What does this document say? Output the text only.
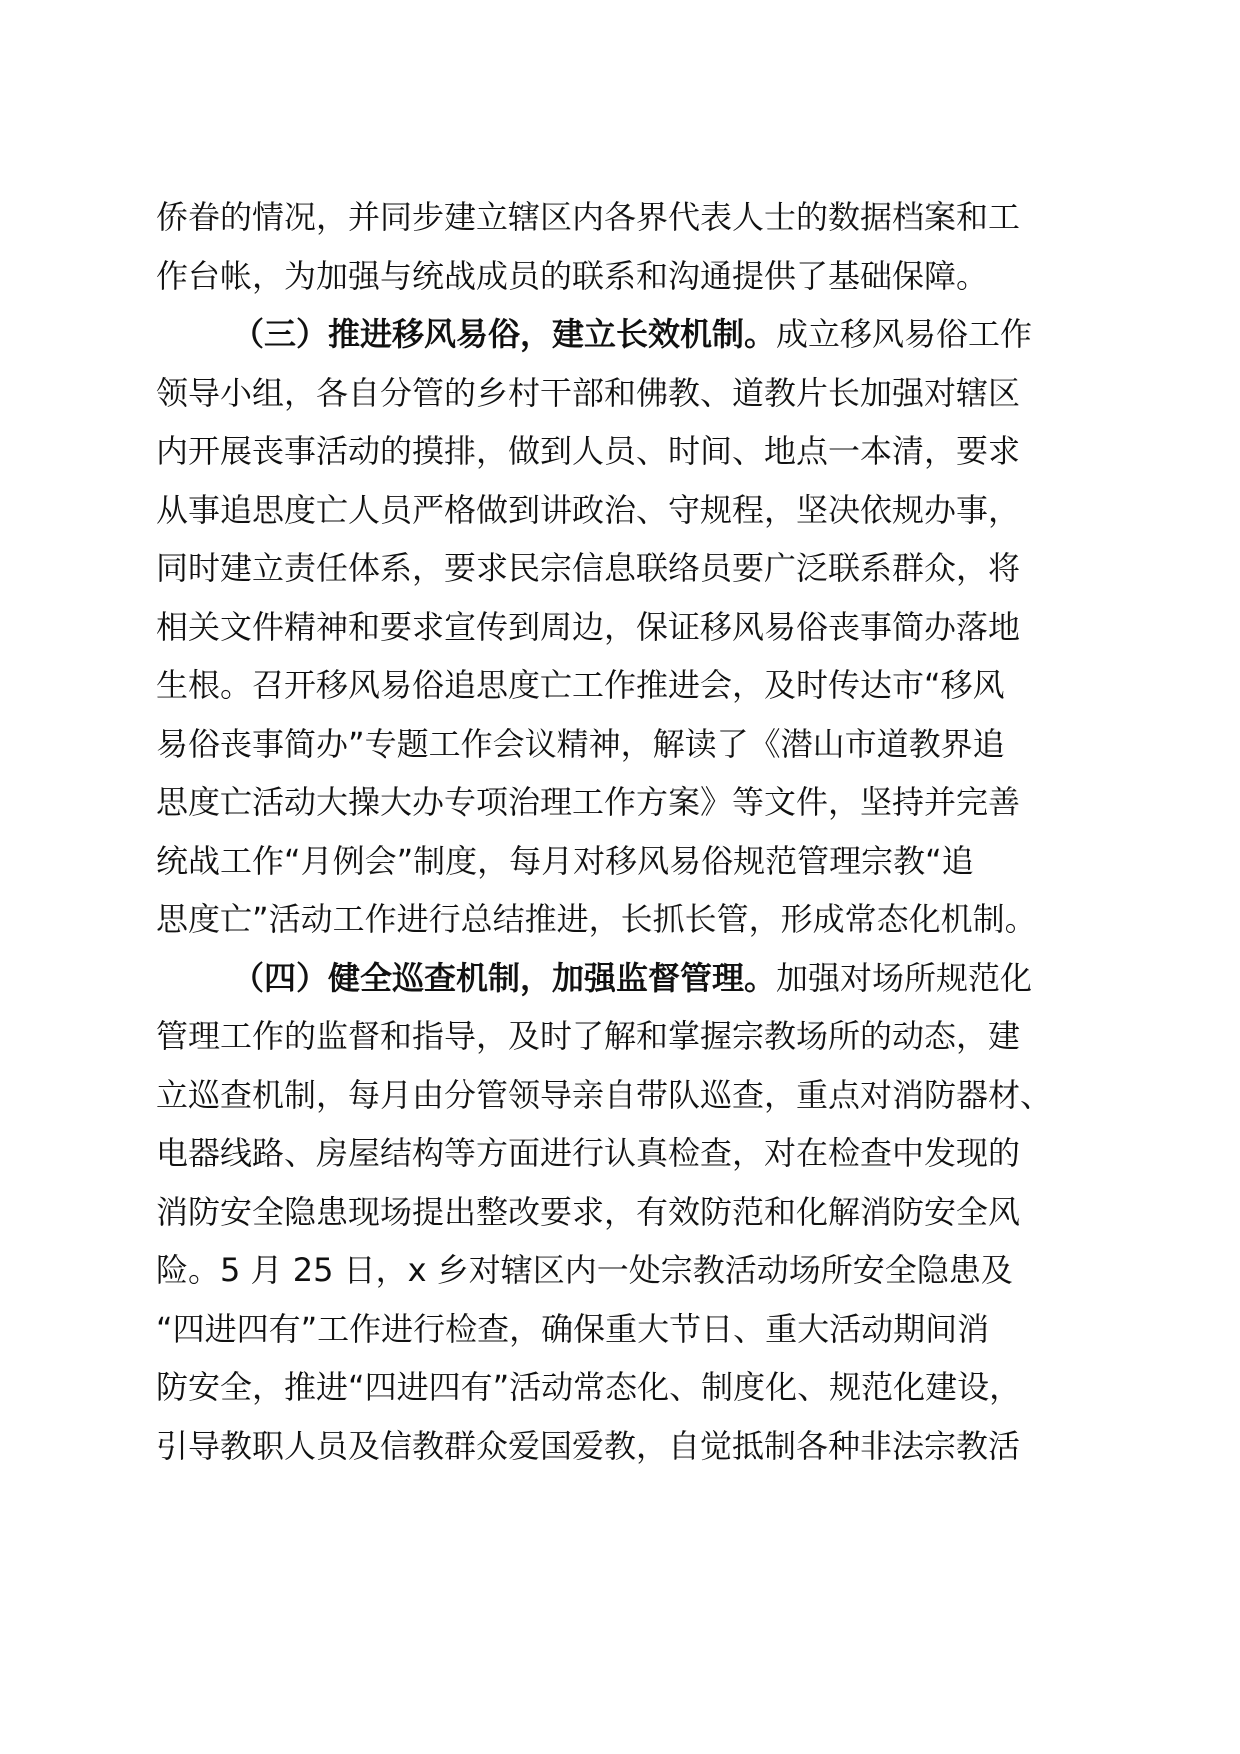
侨眷的情况，并同步建立辖区内各界代表人士的数据档案和工
作台帐，为加强与统战成员的联系和沟通提供了基础保障。
（三）推进移风易俗，建立长效机制。成立移风易俗工作
领导小组，各自分管的乡村干部和佛教、道教片长加强对辖区
内开展丧事活动的摸排，做到人员、时间、地点一本清，要求
从事追思度亡人员严格做到讲政治、守规程，坚决依规办事，
同时建立责任体系，要求民宗信息联络员要广泛联系群众，将
相关文件精神和要求宣传到周边，保证移风易俗丧事简办落地
生根。召开移风易俗追思度亡工作推进会，及时传达市“移风
易俗丧事简办”专题工作会议精神，解读了《潜山市道教界追
思度亡活动大操大办专项治理工作方案》等文件，坚持并完善
统战工作“月例会”制度，每月对移风易俗规范管理宗教“追
思度亡”活动工作进行总结推进，长抓长管，形成常态化机制。
（四）健全巡查机制，加强监督管理。加强对场所规范化
管理工作的监督和指导，及时了解和掌握宗教场所的动态，建
立巡查机制，每月由分管领导亲自带队巡查，重点对消防器材、
电器线路、房屋结构等方面进行认真检查，对在检查中发现的
消防安全隐患现场提出整改要求，有效防范和化解消防安全风
险。5 月 25 日，x 乡对辖区内一处宗教活动场所安全隐患及
“四进四有”工作进行检查，确保重大节日、重大活动期间消
防安全，推进“四进四有”活动常态化、制度化、规范化建设，
引导教职人员及信教群众爱国爱教，自觉抵制各种非法宗教活
